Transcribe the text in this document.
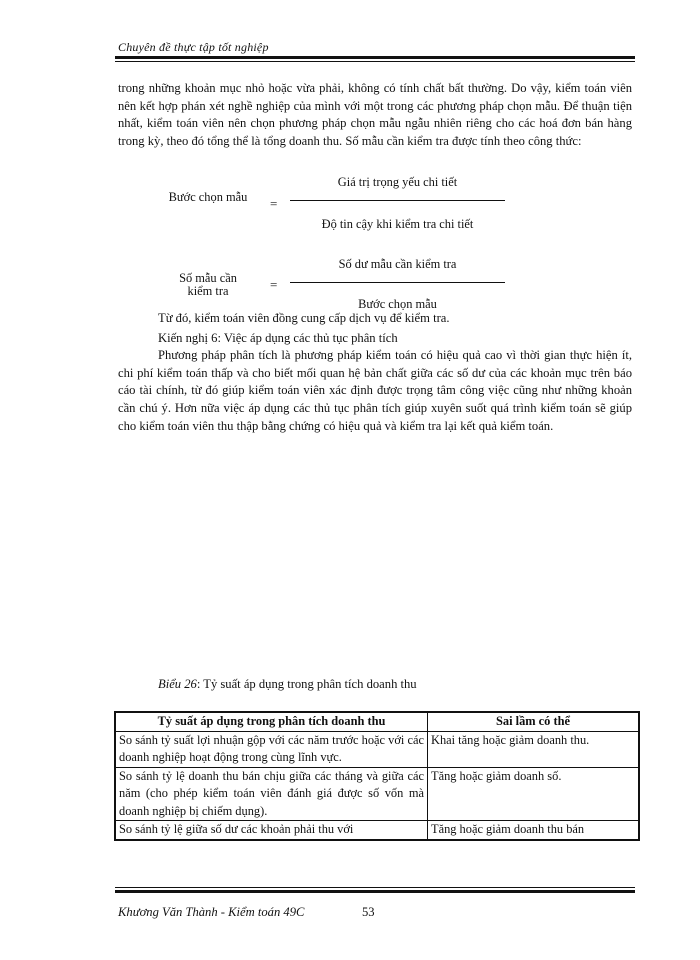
Chuyên đề thực tập tốt nghiệp

trong những khoản mục nhỏ hoặc vừa phải, không có tính chất bất thường. Do vậy, kiểm toán viên nên kết hợp phán xét nghề nghiệp của mình với một trong các phương pháp chọn mẫu. Để thuận tiện nhất, kiểm toán viên nên chọn phương pháp chọn mẫu ngẫu nhiên riêng cho các hoá đơn bán hàng trong kỳ, theo đó tổng thể là tổng doanh thu. Số mẫu cần kiểm tra được tính theo công thức:

Bước chọn mẫu =
Giá trị trọng yếu chi tiết
Độ tin cậy khi kiểm tra chi tiết
Số mẫu cần kiểm tra	=
Số dư mẫu cần kiểm tra
Bước chọn mẫu

Từ đó, kiểm toán viên đồng cung cấp dịch vụ để kiểm tra.

Kiến nghị 6: Việc áp dụng các thủ tục phân tích

Phương pháp phân tích là phương pháp kiểm toán có hiệu quả cao vì thời gian thực hiện ít, chi phí kiểm toán thấp và cho biết mối quan hệ bản chất giữa các số dư của các khoản mục trên báo cáo tài chính, từ đó giúp kiểm toán viên xác định được trọng tâm công việc cũng như những khoản cần chú ý. Hơn nữa việc áp dụng các thủ tục phân tích giúp xuyên suốt quá trình kiểm toán sẽ giúp cho kiểm toán viên thu thập bằng chứng có hiệu quả và kiểm tra lại kết quả kiểm toán.

Biểu 26: Tỷ suất áp dụng trong phân tích doanh thu
Tỷ suất áp dụng trong phân tích doanh thu	Sai lầm có thể
So sánh tỷ suất lợi nhuận gộp với các năm trước hoặc với các doanh nghiệp hoạt động trong cùng lĩnh vực.	Khai tăng hoặc giảm doanh thu.
So sánh tỷ lệ doanh thu bán chịu giữa các tháng và giữa các năm (cho phép kiểm toán viên đánh giá được số vốn mà doanh nghiệp bị chiếm dụng).	Tăng hoặc giảm doanh số.
So sánh tỷ lệ giữa số dư các khoản phải thu với	Tăng hoặc giảm doanh thu bán
Khương Văn Thành - Kiểm toán 49C	53
